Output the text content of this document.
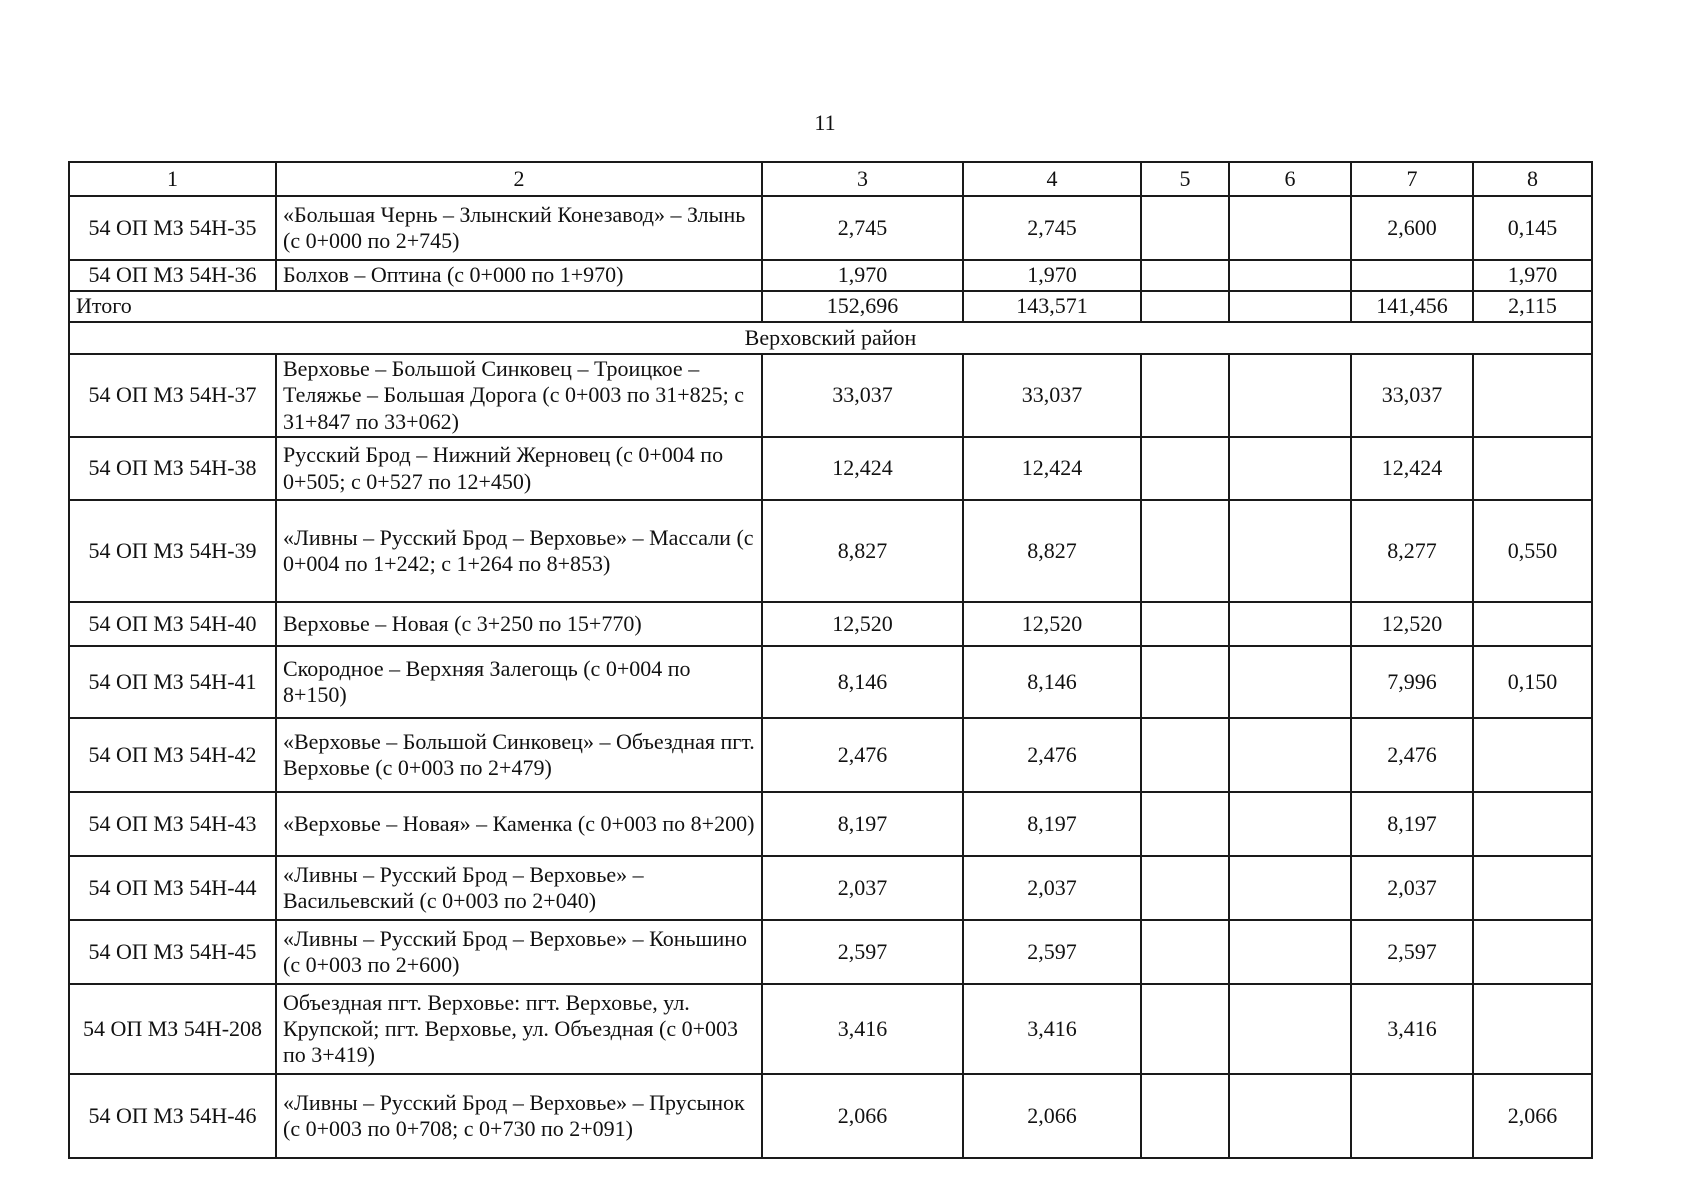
11
1	2	3	4	5	6	7	8
54 ОП МЗ 54Н-35	«Большая Чернь – Злынский Конезавод» – Злынь (с 0+000 по 2+745)	2,745	2,745			2,600	0,145
54 ОП МЗ 54Н-36	Болхов – Оптина (с 0+000 по 1+970)	1,970	1,970				1,970
Итого		152,696	143,571			141,456	2,115
Верховский район							
54 ОП МЗ 54Н-37	Верховье – Большой Синковец – Троицкое – Теляжье – Большая Дорога (с 0+003 по 31+825; с 31+847 по 33+062)	33,037	33,037			33,037	
54 ОП МЗ 54Н-38	Русский Брод – Нижний Жерновец (с 0+004 по 0+505; с 0+527 по 12+450)	12,424	12,424			12,424	
54 ОП МЗ 54Н-39	«Ливны – Русский Брод – Верховье» – Массали (с 0+004 по 1+242; с 1+264 по 8+853)	8,827	8,827			8,277	0,550
54 ОП МЗ 54Н-40	Верховье – Новая (с 3+250 по 15+770)	12,520	12,520			12,520	
54 ОП МЗ 54Н-41	Скородное – Верхняя Залегощь (с 0+004 по 8+150)	8,146	8,146			7,996	0,150
54 ОП МЗ 54Н-42	«Верховье – Большой Синковец» – Объездная пгт. Верховье (с 0+003 по 2+479)	2,476	2,476			2,476	
54 ОП МЗ 54Н-43	«Верховье – Новая» – Каменка (с 0+003 по 8+200)	8,197	8,197			8,197	
54 ОП МЗ 54Н-44	«Ливны – Русский Брод – Верховье» – Васильевский (с 0+003 по 2+040)	2,037	2,037			2,037	
54 ОП МЗ 54Н-45	«Ливны – Русский Брод – Верховье» – Коньшино (с 0+003 по 2+600)	2,597	2,597			2,597	
54 ОП МЗ 54Н-208	Объездная пгт. Верховье: пгт. Верховье, ул. Крупской; пгт. Верховье, ул. Объездная (с 0+003 по 3+419)	3,416	3,416			3,416	
54 ОП МЗ 54Н-46	«Ливны – Русский Брод – Верховье» – Прусынок (с 0+003 по 0+708; с 0+730 по 2+091)	2,066	2,066				2,066
